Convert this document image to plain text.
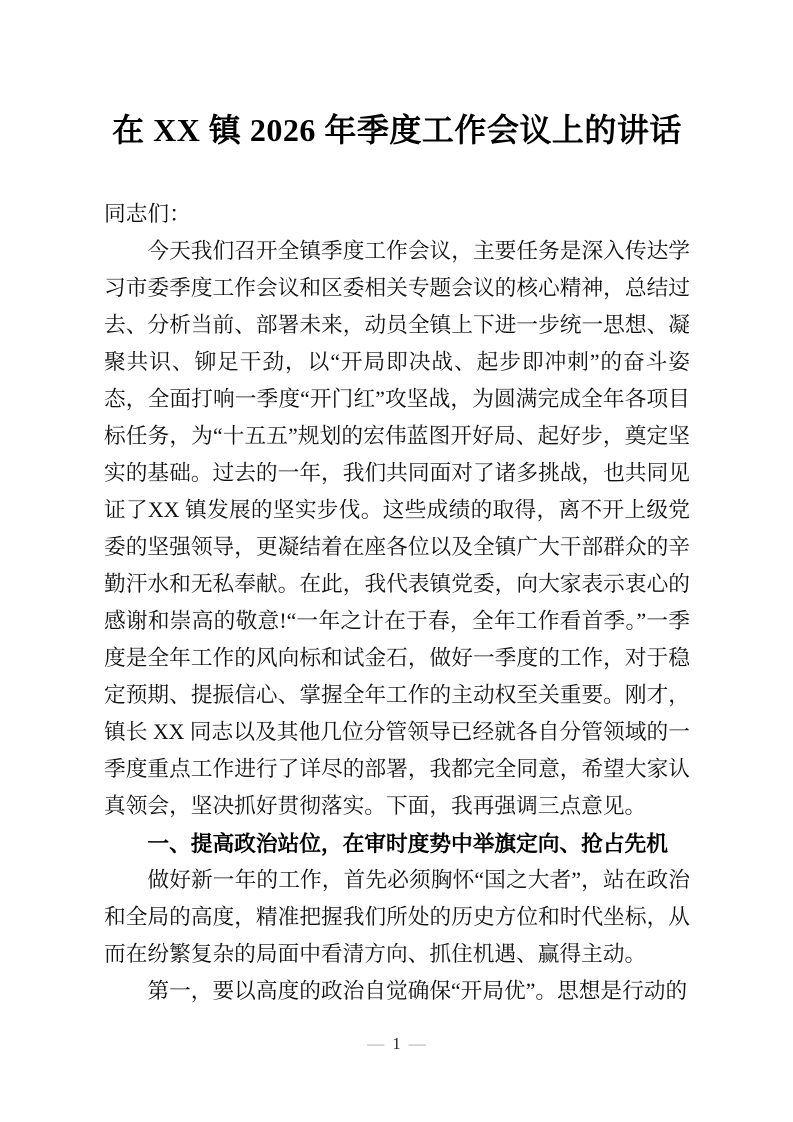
在 XX 镇 2026 年季度工作会议上的讲话

同志们：

今天我们召开全镇季度工作会议，主要任务是深入传达学习市委季度工作会议和区委相关专题会议的核心精神，总结过去、分析当前、部署未来，动员全镇上下进一步统一思想、凝聚共识、铆足干劲，以“开局即决战、起步即冲刺”的奋斗姿态，全面打响一季度“开门红”攻坚战，为圆满完成全年各项目标任务，为“十五五”规划的宏伟蓝图开好局、起好步，奠定坚实的基础。过去的一年，我们共同面对了诸多挑战，也共同见证了XX 镇发展的坚实步伐。这些成绩的取得，离不开上级党委的坚强领导，更凝结着在座各位以及全镇广大干部群众的辛勤汗水和无私奉献。在此，我代表镇党委，向大家表示衷心的感谢和崇高的敬意!“一年之计在于春，全年工作看首季。”一季度是全年工作的风向标和试金石，做好一季度的工作，对于稳定预期、提振信心、掌握全年工作的主动权至关重要。刚才，镇长 XX 同志以及其他几位分管领导已经就各自分管领域的一季度重点工作进行了详尽的部署，我都完全同意，希望大家认真领会，坚决抓好贯彻落实。下面，我再强调三点意见。

一、提高政治站位，在审时度势中举旗定向、抢占先机

做好新一年的工作，首先必须胸怀“国之大者”，站在政治和全局的高度，精准把握我们所处的历史方位和时代坐标，从而在纷繁复杂的局面中看清方向、抓住机遇、赢得主动。

第一，要以高度的政治自觉确保“开局优”。思想是行动的

— 1 —
